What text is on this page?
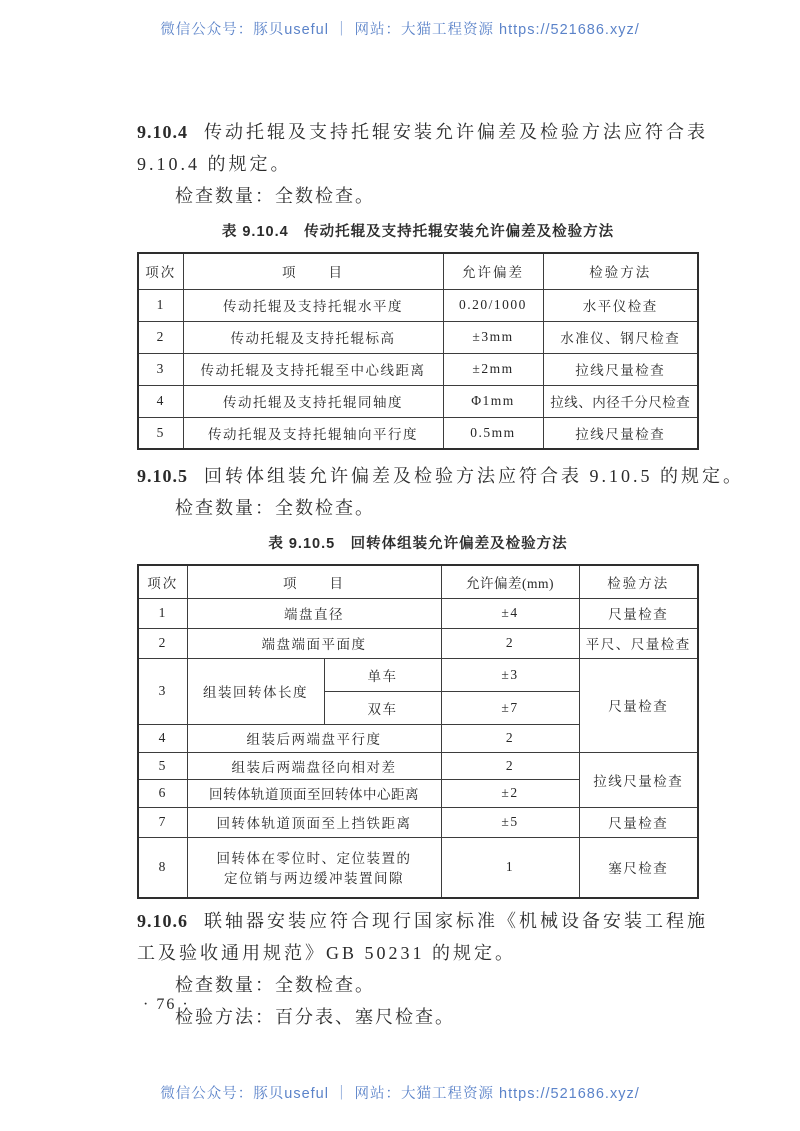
微信公众号：豚贝useful ｜ 网站：大猫工程资源 https://521686.xyz/
9.10.4 传动托辊及支持托辊安装允许偏差及检验方法应符合表
9.10.4 的规定。
检查数量：全数检查。
表 9.10.4　传动托辊及支持托辊安装允许偏差及检验方法
项次	项　　目	允许偏差	检验方法
1	传动托辊及支持托辊水平度	0.20/1000	水平仪检查
2	传动托辊及支持托辊标高	±3mm	水准仪、钢尺检查
3	传动托辊及支持托辊至中心线距离	±2mm	拉线尺量检查
4	传动托辊及支持托辊同轴度	Φ1mm	拉线、内径千分尺检查
5	传动托辊及支持托辊轴向平行度	0.5mm	拉线尺量检查
9.10.5 回转体组装允许偏差及检验方法应符合表 9.10.5 的规定。
检查数量：全数检查。
表 9.10.5　回转体组装允许偏差及检验方法
项次	项　　目		允许偏差(mm)	检验方法
1	端盘直径		±4	尺量检查
2	端盘端面平面度		2	平尺、尺量检查
3	组装回转体长度	单车	±3	尺量检查
		双车	±7	
4	组装后两端盘平行度		2	
5	组装后两端盘径向相对差		2	拉线尺量检查
6	回转体轨道顶面至回转体中心距离		±2	
7	回转体轨道顶面至上挡铁距离		±5	尺量检查
8	回转体在零位时、定位装置的
定位销与两边缓冲装置间隙		1	塞尺检查
9.10.6 联轴器安装应符合现行国家标准《机械设备安装工程施
工及验收通用规范》GB 50231 的规定。
检查数量：全数检查。
检验方法：百分表、塞尺检查。
· 76 ·
微信公众号：豚贝useful ｜ 网站：大猫工程资源 https://521686.xyz/
